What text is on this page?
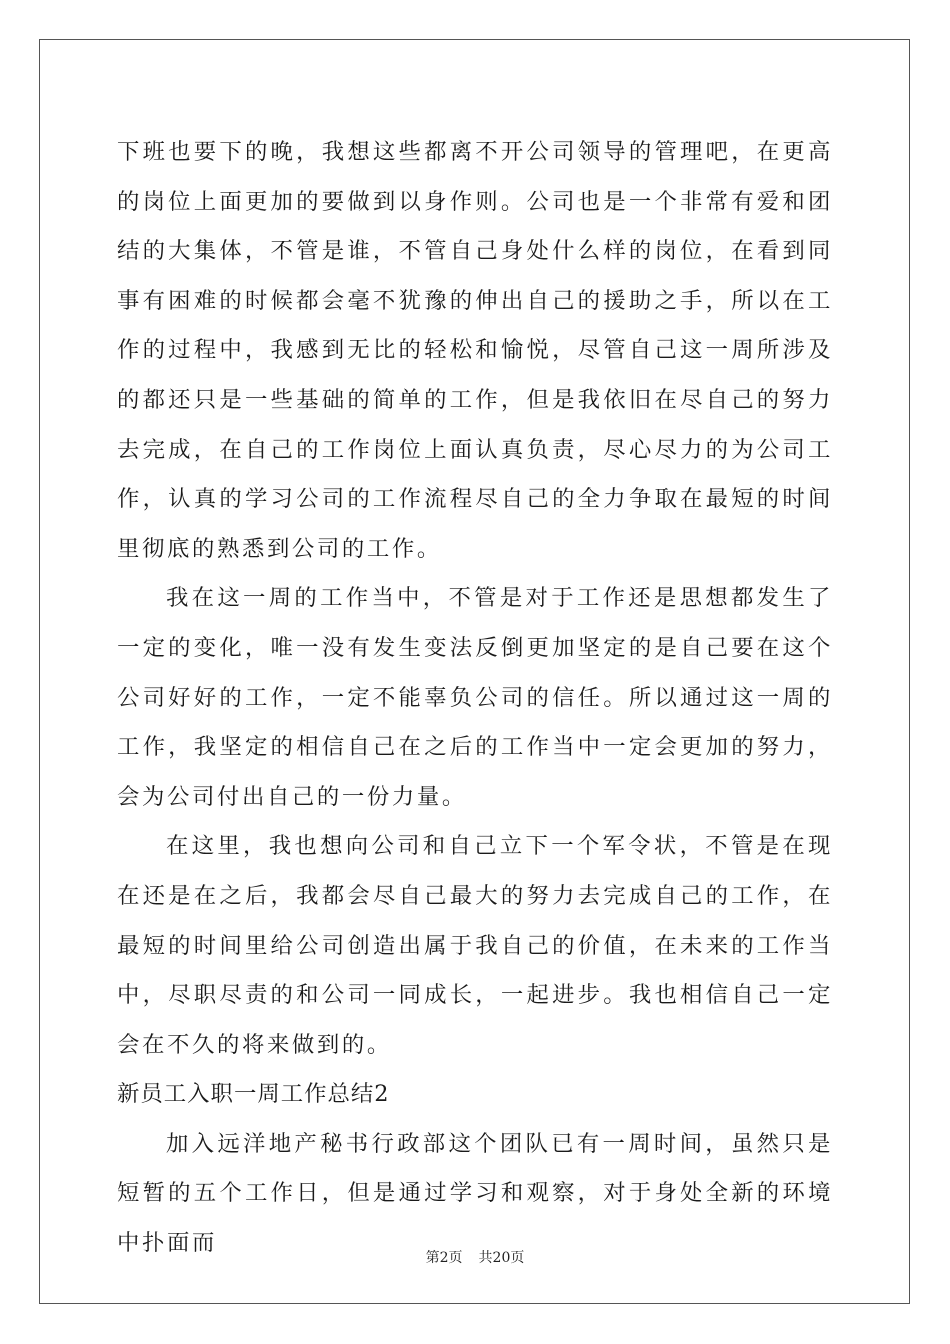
下班也要下的晚，我想这些都离不开公司领导的管理吧，在更高的岗位上面更加的要做到以身作则。公司也是一个非常有爱和团结的大集体，不管是谁，不管自己身处什么样的岗位，在看到同事有困难的时候都会毫不犹豫的伸出自己的援助之手，所以在工作的过程中，我感到无比的轻松和愉悦，尽管自己这一周所涉及的都还只是一些基础的简单的工作，但是我依旧在尽自己的努力去完成，在自己的工作岗位上面认真负责，尽心尽力的为公司工作，认真的学习公司的工作流程尽自己的全力争取在最短的时间里彻底的熟悉到公司的工作。

我在这一周的工作当中，不管是对于工作还是思想都发生了一定的变化，唯一没有发生变法反倒更加坚定的是自己要在这个公司好好的工作，一定不能辜负公司的信任。所以通过这一周的工作，我坚定的相信自己在之后的工作当中一定会更加的努力，会为公司付出自己的一份力量。

在这里，我也想向公司和自己立下一个军令状，不管是在现在还是在之后，我都会尽自己最大的努力去完成自己的工作，在最短的时间里给公司创造出属于我自己的价值，在未来的工作当中，尽职尽责的和公司一同成长，一起进步。我也相信自己一定会在不久的将来做到的。

新员工入职一周工作总结2

加入远洋地产秘书行政部这个团队已有一周时间，虽然只是短暂的五个工作日，但是通过学习和观察，对于身处全新的环境中扑面而

第2页 共20页
